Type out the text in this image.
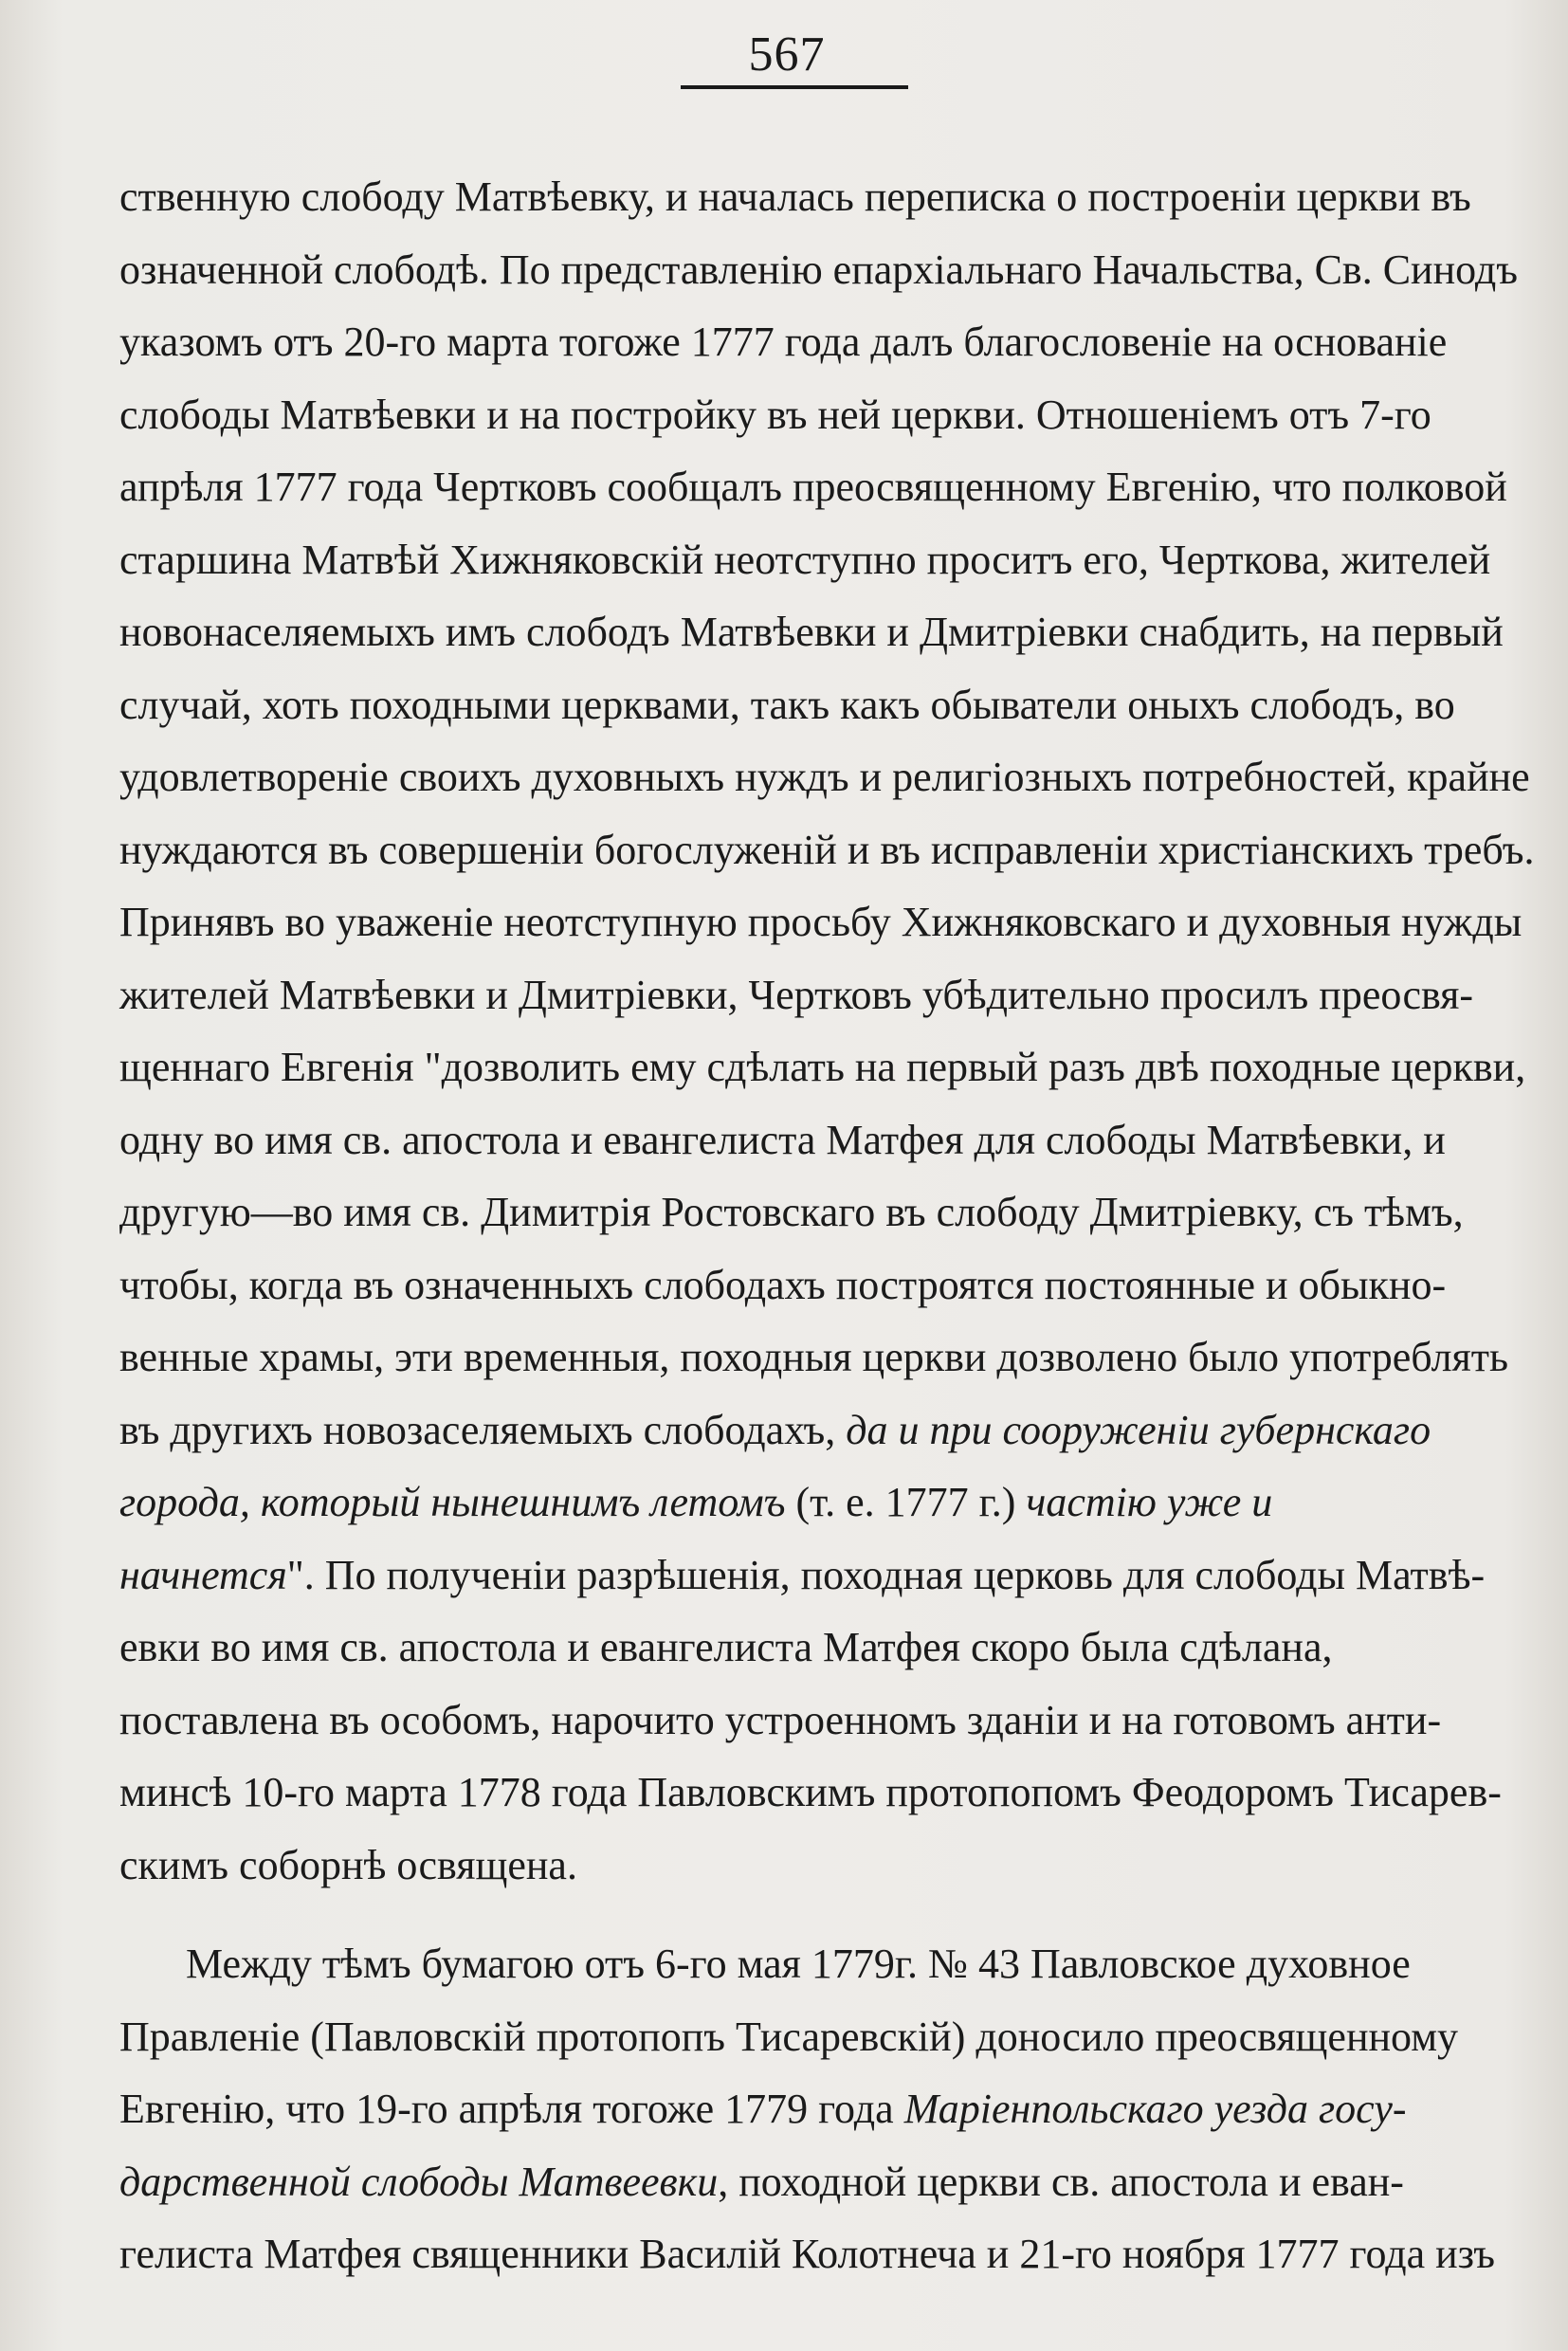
567
ственную слободу Матвѣевку, и началась переписка о построеніи церкви въ
означенной слободѣ. По представленію епархіальнаго Начальства, Св. Синодъ
указомъ отъ 20-го марта тогоже 1777 года далъ благословеніе на основаніе
слободы Матвѣевки и на постройку въ ней церкви. Отношеніемъ отъ 7-го
апрѣля 1777 года Чертковъ сообщалъ преосвященному Евгенію, что полковой
старшина Матвѣй Хижняковскій неотступно проситъ его, Черткова, жителей
новонаселяемыхъ имъ слободъ Матвѣевки и Дмитріевки снабдить, на первый
случай, хоть походными церквами, такъ какъ обыватели оныхъ слободъ, во
удовлетвореніе своихъ духовныхъ нуждъ и религіозныхъ потребностей, крайне
нуждаются въ совершеніи богослуженій и въ исправленіи христіанскихъ требъ.
Принявъ во уваженіе неотступную просьбу Хижняковскаго и духовныя нужды
жителей Матвѣевки и Дмитріевки, Чертковъ убѣдительно просилъ преосвя-
щеннаго Евгенія "дозволить ему сдѣлать на первый разъ двѣ походные церкви,
одну во имя св. апостола и евангелиста Матфея для слободы Матвѣевки, и
другую—во имя св. Димитрія Ростовскаго въ слободу Дмитріевку, съ тѣмъ,
чтобы, когда въ означенныхъ слободахъ построятся постоянные и обыкно-
венные храмы, эти временныя, походныя церкви дозволено было употреблять
въ другихъ новозаселяемыхъ слободахъ, да и при сооруженіи губернскаго
города, который нынешнимъ летомъ (т. е. 1777 г.) частію уже и
начнется". По полученіи разрѣшенія, походная церковь для слободы Матвѣ-
евки во имя св. апостола и евангелиста Матфея скоро была сдѣлана,
поставлена въ особомъ, нарочито устроенномъ зданіи и на готовомъ анти-
минсѣ 10-го марта 1778 года Павловскимъ протопопомъ Феодоромъ Тисарев-
скимъ соборнѣ освящена.
Между тѣмъ бумагою отъ 6-го мая 1779г. № 43 Павловское духовное
Правленіе (Павловскій протопопъ Тисаревскій) доносило преосвященному
Евгенію, что 19-го апрѣля тогоже 1779 года Маріенпольскаго уезда госу-
дарственной слободы Матвеевки, походной церкви св. апостола и еван-
гелиста Матфея священники Василій Колотнеча и 21-го ноября 1777 года изъ
